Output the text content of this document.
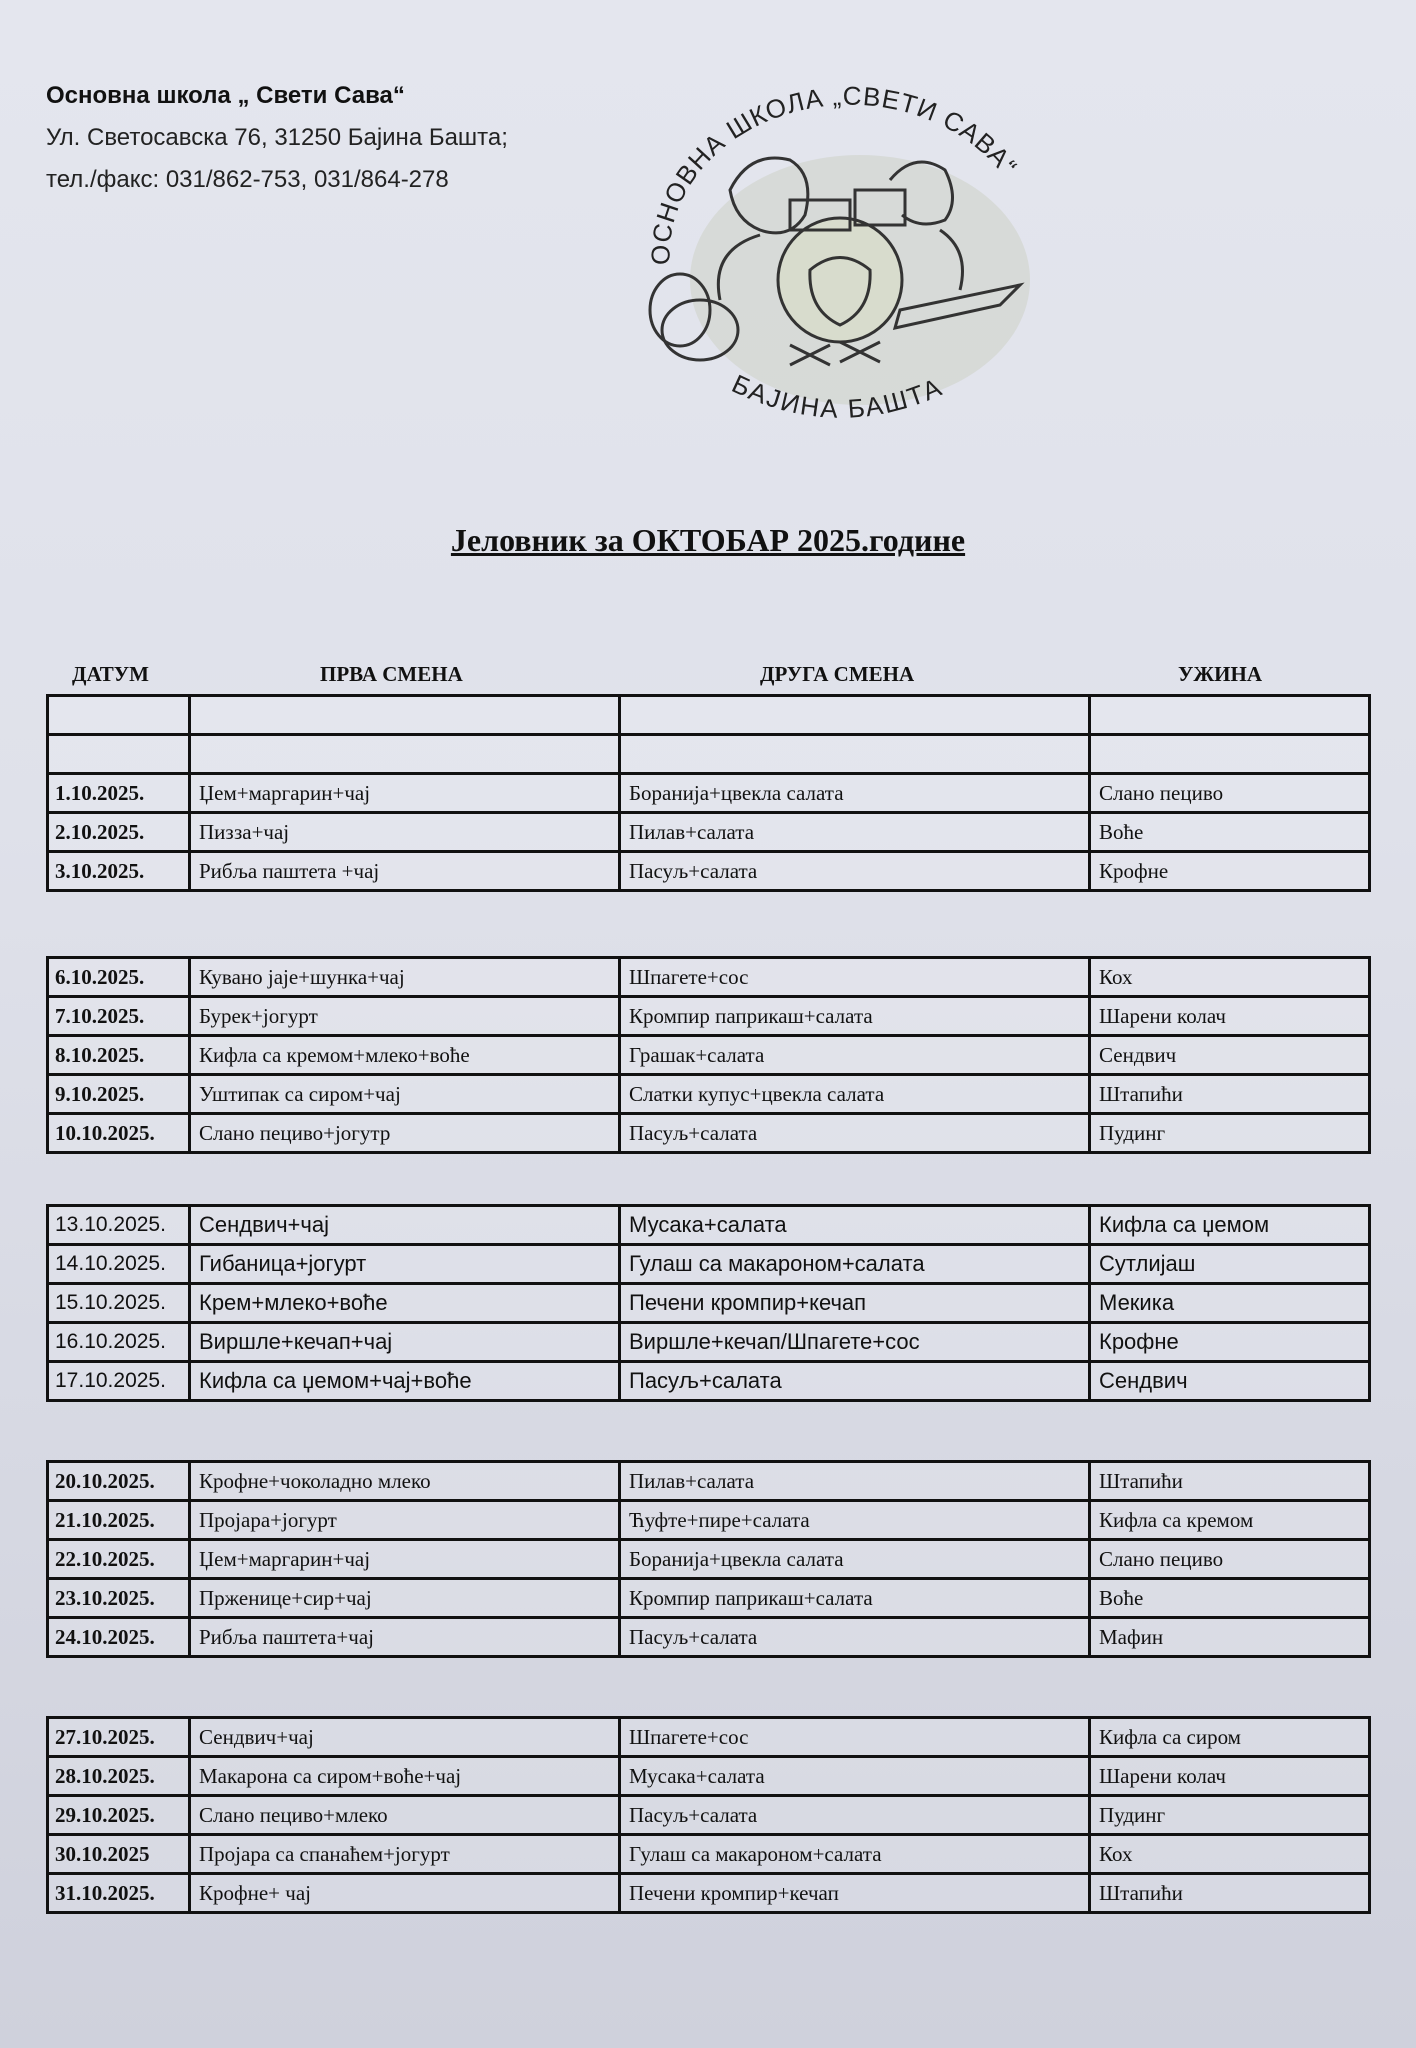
Основна школа „ Свети Сава“
Ул. Светосавска 76, 31250 Бајина Башта;
тел./факс: 031/862-753, 031/864-278
ОСНОВНА ШКОЛА „СВЕТИ САВА“
БАЈИНА БАШТА
Јеловник за ОКТОБАР 2025.године
ДАТУМ	ПРВА СМЕНА	ДРУГА СМЕНА	УЖИНА

1.10.2025.	Џем+маргарин+чај	Боранија+цвекла салата	Слано пециво
2.10.2025.	Пизза+чај	Пилав+салата	Воће
3.10.2025.	Рибља паштета +чај	Пасуљ+салата	Крофне
6.10.2025.	Кувано јаје+шунка+чај	Шпагете+сос	Кох
7.10.2025.	Бурек+јогурт	Кромпир паприкаш+салата	Шарени колач
8.10.2025.	Кифла са кремом+млеко+воће	Грашак+салата	Сендвич
9.10.2025.	Уштипак са сиром+чај	Слатки купус+цвекла салата	Штапићи
10.10.2025.	Слано пециво+јогутр	Пасуљ+салата	Пудинг
13.10.2025.	Сендвич+чај	Мусака+салата	Кифла са џемом
14.10.2025.	Гибаница+јогурт	Гулаш са макароном+салата	Сутлијаш
15.10.2025.	Крем+млеко+воће	Печени кромпир+кечап	Мекика
16.10.2025.	Виршле+кечап+чај	Виршле+кечап/Шпагете+сос	Крофне
17.10.2025.	Кифла са џемом+чај+воће	Пасуљ+салата	Сендвич
20.10.2025.	Крофне+чоколадно млеко	Пилав+салата	Штапићи
21.10.2025.	Пројара+јогурт	Ћуфте+пире+салата	Кифла са кремом
22.10.2025.	Џем+маргарин+чај	Боранија+цвекла салата	Слано пециво
23.10.2025.	Прженице+сир+чај	Кромпир паприкаш+салата	Воће
24.10.2025.	Рибља паштета+чај	Пасуљ+салата	Мафин
27.10.2025.	Сендвич+чај	Шпагете+сос	Кифла са сиром
28.10.2025.	Макарона са сиром+воће+чај	Мусака+салата	Шарени колач
29.10.2025.	Слано пециво+млеко	Пасуљ+салата	Пудинг
30.10.2025	Пројара са спанаћем+јогурт	Гулаш са макароном+салата	Кох
31.10.2025.	Крофне+ чај	Печени кромпир+кечап	Штапићи
